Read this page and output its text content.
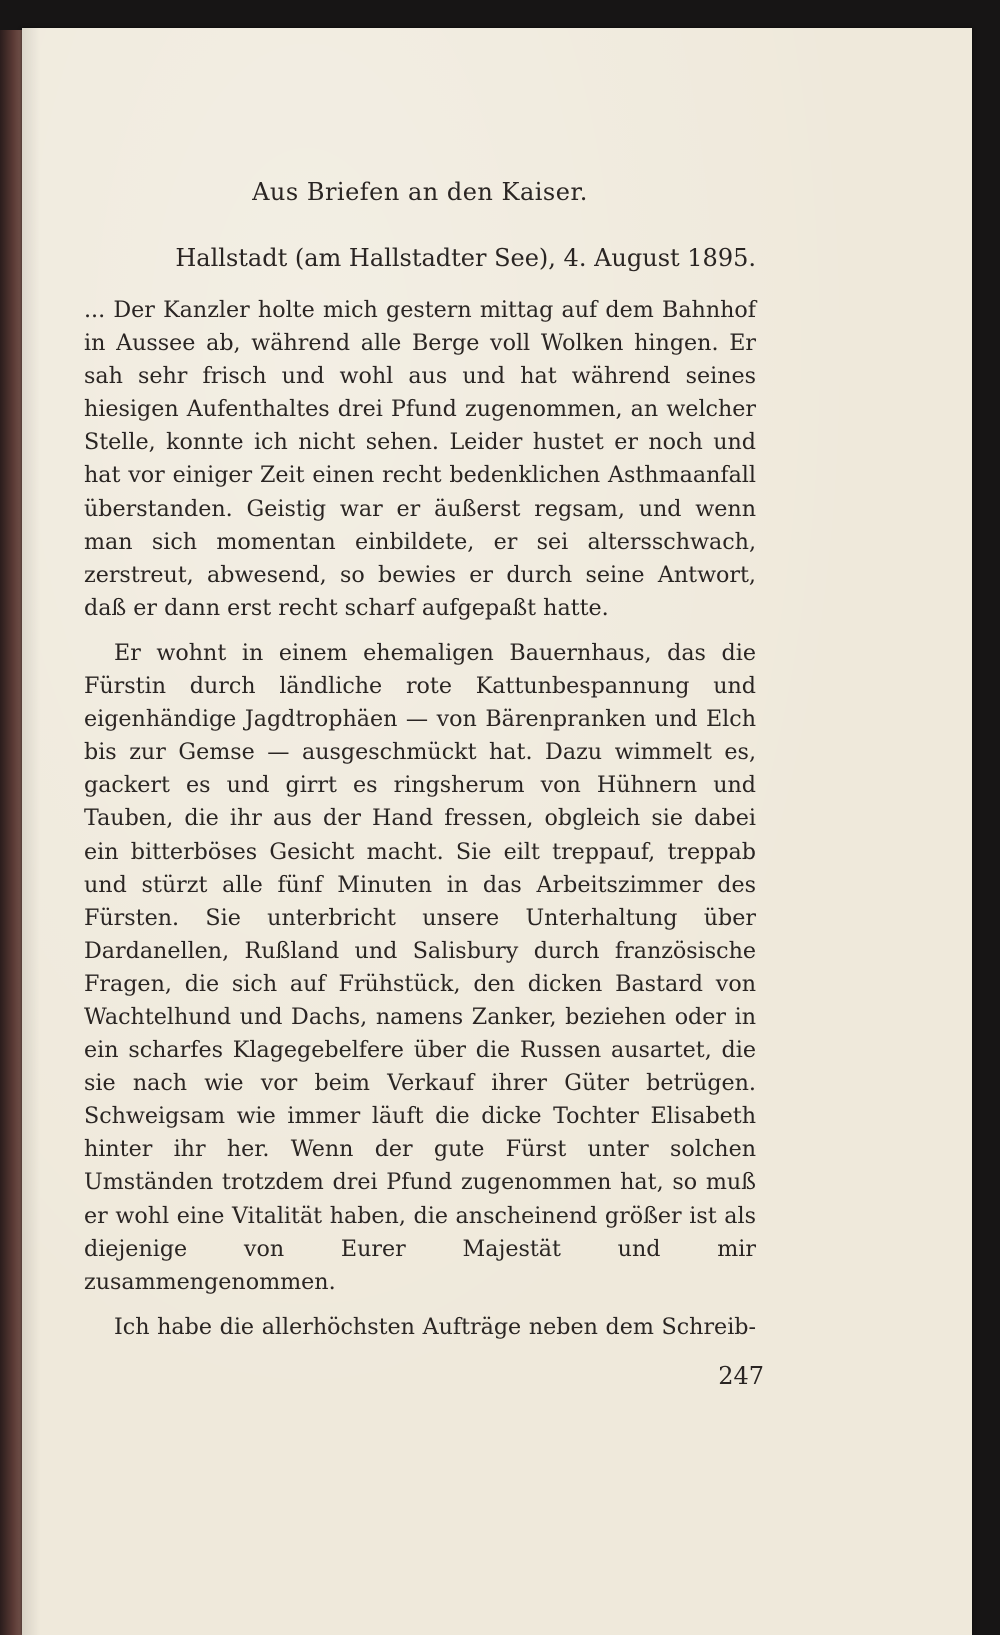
Aus Briefen an den Kaiser.

Hallstadt (am Hallstadter See), 4. August 1895.

... Der Kanzler holte mich gestern mittag auf dem Bahnhof in Aussee ab, während alle Berge voll Wolken hingen. Er sah sehr frisch und wohl aus und hat während seines hiesigen Aufenthaltes drei Pfund zugenommen, an welcher Stelle, konnte ich nicht sehen. Leider hustet er noch und hat vor einiger Zeit einen recht bedenklichen Asthmaanfall überstanden. Geistig war er äußerst regsam, und wenn man sich momentan einbildete, er sei altersschwach, zerstreut, abwesend, so bewies er durch seine Antwort, daß er dann erst recht scharf aufgepaßt hatte.

Er wohnt in einem ehemaligen Bauernhaus, das die Fürstin durch ländliche rote Kattunbespannung und eigenhändige Jagdtrophäen — von Bärenpranken und Elch bis zur Gemse — ausgeschmückt hat. Dazu wimmelt es, gackert es und girrt es ringsherum von Hühnern und Tauben, die ihr aus der Hand fressen, obgleich sie dabei ein bitterböses Gesicht macht. Sie eilt treppauf, treppab und stürzt alle fünf Minuten in das Arbeitszimmer des Fürsten. Sie unterbricht unsere Unterhaltung über Dardanellen, Rußland und Salisbury durch französische Fragen, die sich auf Frühstück, den dicken Bastard von Wachtelhund und Dachs, namens Zanker, beziehen oder in ein scharfes Klagegebelfere über die Russen ausartet, die sie nach wie vor beim Verkauf ihrer Güter betrügen. Schweigsam wie immer läuft die dicke Tochter Elisabeth hinter ihr her. Wenn der gute Fürst unter solchen Umständen trotzdem drei Pfund zugenommen hat, so muß er wohl eine Vitalität haben, die anscheinend größer ist als diejenige von Eurer Majestät und mir zusammengenommen.

Ich habe die allerhöchsten Aufträge neben dem Schreib-

247
